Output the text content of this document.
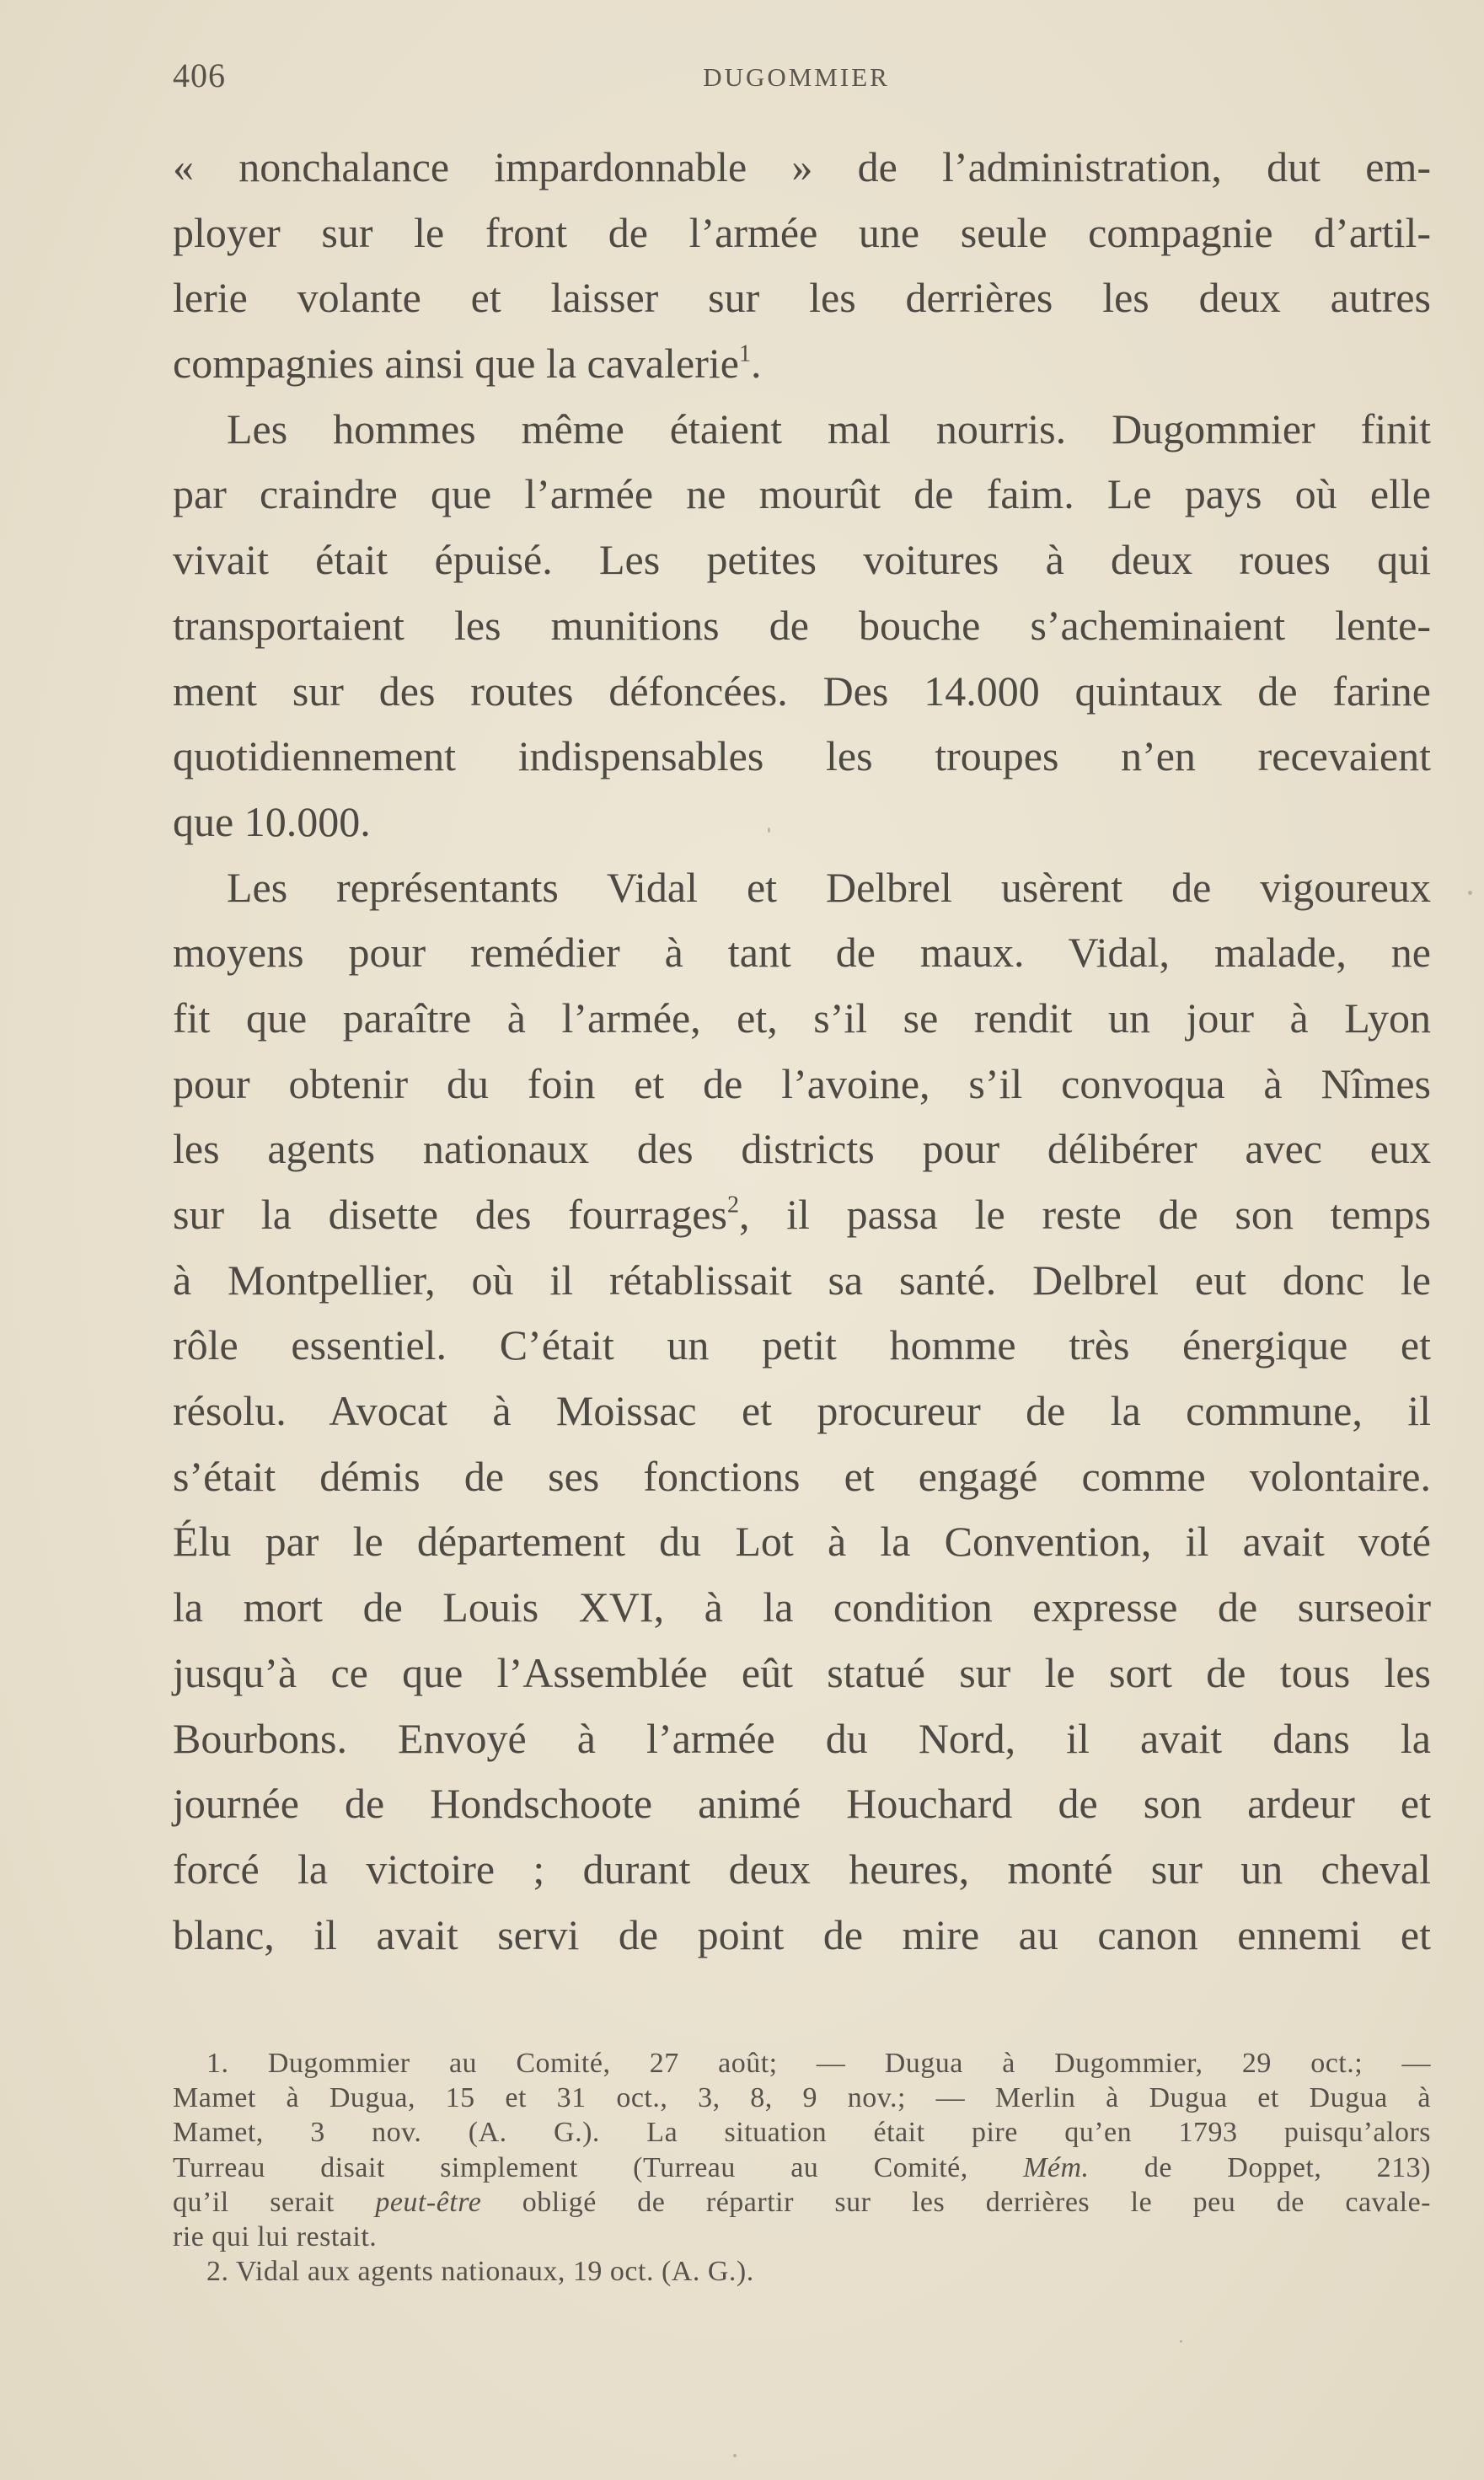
406	DUGOMMIER
« nonchalance impardonnable » de l’administration, dut em-
ployer sur le front de l’armée une seule compagnie d’artil-
lerie volante et laisser sur les derrières les deux autres
compagnies ainsi que la cavalerie$^1$.
Les hommes même étaient mal nourris. Dugommier finit
par craindre que l’armée ne mourût de faim. Le pays où elle
vivait était épuisé. Les petites voitures à deux roues qui
transportaient les munitions de bouche s’acheminaient lente-
ment sur des routes défoncées. Des 14.000 quintaux de farine
quotidiennement indispensables les troupes n’en recevaient
que 10.000.
Les représentants Vidal et Delbrel usèrent de vigoureux
moyens pour remédier à tant de maux. Vidal, malade, ne
fit que paraître à l’armée, et, s’il se rendit un jour à Lyon
pour obtenir du foin et de l’avoine, s’il convoqua à Nîmes
les agents nationaux des districts pour délibérer avec eux
sur la disette des fourrages$^2$, il passa le reste de son temps
à Montpellier, où il rétablissait sa santé. Delbrel eut donc le
rôle essentiel. C’était un petit homme très énergique et
résolu. Avocat à Moissac et procureur de la commune, il
s’était démis de ses fonctions et engagé comme volontaire.
Élu par le département du Lot à la Convention, il avait voté
la mort de Louis XVI, à la condition expresse de surseoir
jusqu’à ce que l’Assemblée eût statué sur le sort de tous les
Bourbons. Envoyé à l’armée du Nord, il avait dans la
journée de Hondschoote animé Houchard de son ardeur et
forcé la victoire ; durant deux heures, monté sur un cheval
blanc, il avait servi de point de mire au canon ennemi et
1. Dugommier au Comité, 27 août; — Dugua à Dugommier, 29 oct.; —
Mamet à Dugua, 15 et 31 oct., 3, 8, 9 nov.; — Merlin à Dugua et Dugua à
Mamet, 3 nov. (A. G.). La situation était pire qu’en 1793 puisqu’alors
Turreau disait simplement (Turreau au Comité, Mém. de Doppet, 213)
qu’il serait peut-être obligé de répartir sur les derrières le peu de cavale-
rie qui lui restait.
2. Vidal aux agents nationaux, 19 oct. (A. G.).
